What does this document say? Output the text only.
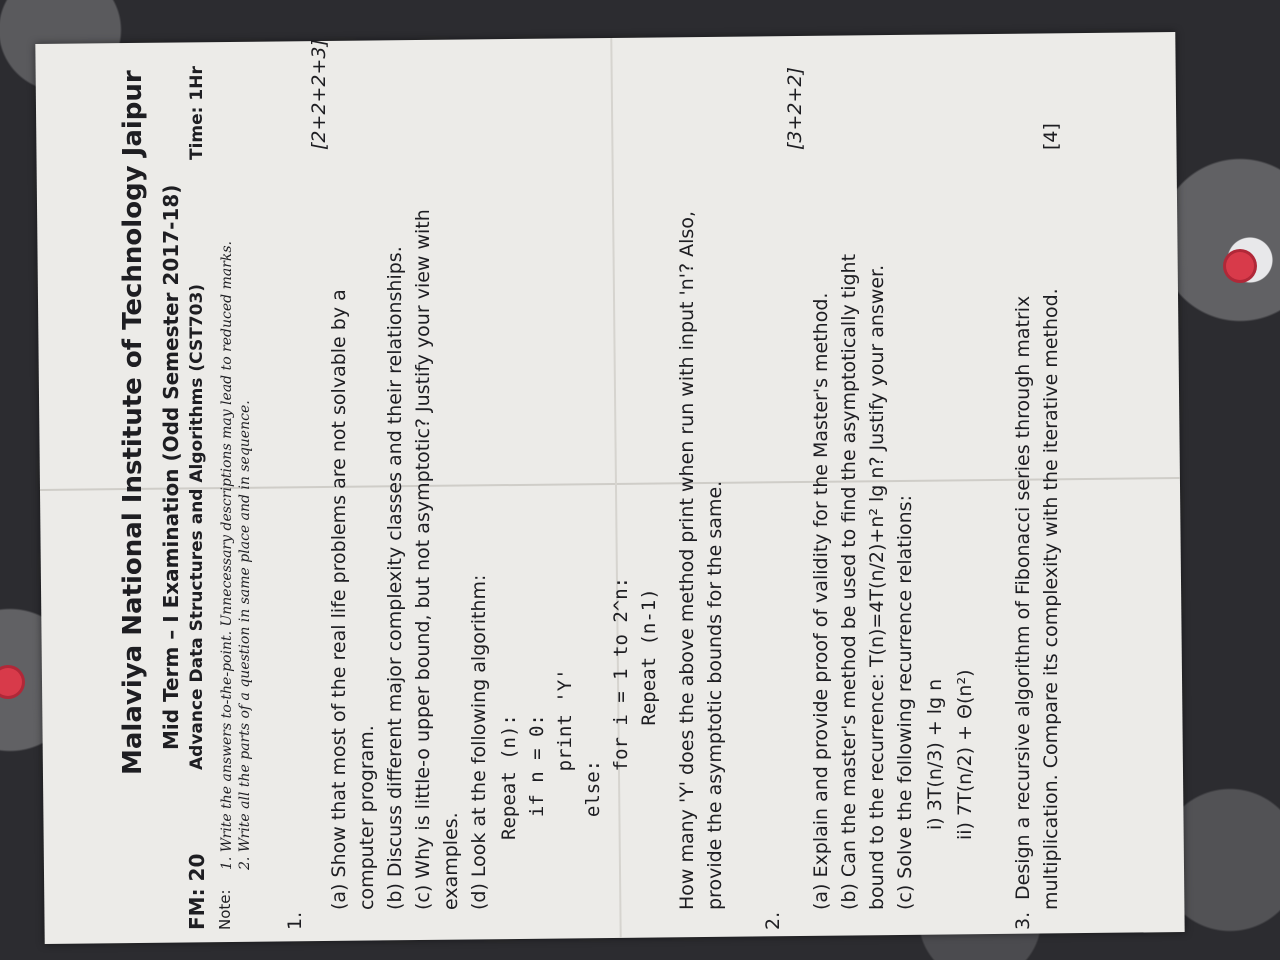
Malaviya National Institute of Technology Jaipur Mid Term – I Examination (Odd Semester 2017-18)
FM: 20
Advance Data Structures and Algorithms (CST703)
Time: 1Hr
Note:
1. Write the answers to-the-point. Unnecessary descriptions may lead to reduced marks. 2. Write all the parts of a question in same place and in sequence.
1.
[2+2+2+3]
(a) Show that most of the real life problems are not solvable by a computer program. (b) Discuss different major complexity classes and their relationships. (c) Why is little-o upper bound, but not asymptotic? Justify your view with examples. (d) Look at the following algorithm: Repeat (n): if n = 0: print 'Y' else: for i = 1 to 2^n: Repeat (n-1) How many 'Y' does the above method print when run with input 'n'? Also, provide the asymptotic bounds for the same.
2.
[3+2+2]
(a) Explain and provide proof of validity for the Master's method. (b) Can the master's method be used to find the asymptotically tight bound to the recurrence: T(n)=4T(n/2)+n² lg n? Justify your answer. (c) Solve the following recurrence relations: i) 3T(n/3) + lg n ii) 7T(n/2) + Θ(n²)
3.
Design a recursive algorithm of Fibonacci series through matrix multiplication. Compare its complexity with the iterative method.
[4]
